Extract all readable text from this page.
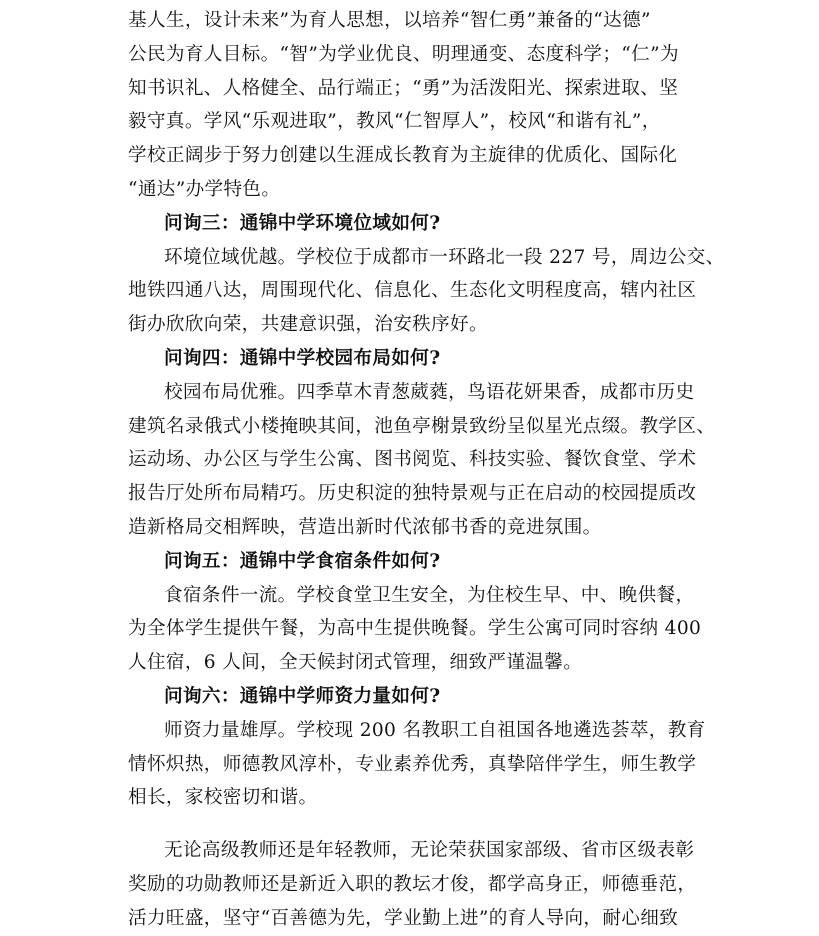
基人生，设计未来”为育人思想，以培养“智仁勇”兼备的“达德”
公民为育人目标。“智”为学业优良、明理通变、态度科学；“仁”为
知书识礼、人格健全、品行端正；“勇”为活泼阳光、探索进取、坚
毅守真。学风“乐观进取”，教风“仁智厚人”，校风“和谐有礼”，
学校正阔步于努力创建以生涯成长教育为主旋律的优质化、国际化
“通达”办学特色。
问询三：通锦中学环境位域如何?
环境位域优越。学校位于成都市一环路北一段 227 号，周边公交、
地铁四通八达，周围现代化、信息化、生态化文明程度高，辖内社区
街办欣欣向荣，共建意识强，治安秩序好。
问询四：通锦中学校园布局如何?
校园布局优雅。四季草木青葱葳蕤，鸟语花妍果香，成都市历史
建筑名录俄式小楼掩映其间，池鱼亭榭景致纷呈似星光点缀。教学区、
运动场、办公区与学生公寓、图书阅览、科技实验、餐饮食堂、学术
报告厅处所布局精巧。历史积淀的独特景观与正在启动的校园提质改
造新格局交相辉映，营造出新时代浓郁书香的竞进氛围。
问询五：通锦中学食宿条件如何?
食宿条件一流。学校食堂卫生安全，为住校生早、中、晚供餐，
为全体学生提供午餐，为高中生提供晚餐。学生公寓可同时容纳 400
人住宿，6 人间，全天候封闭式管理，细致严谨温馨。
问询六：通锦中学师资力量如何?
师资力量雄厚。学校现 200 名教职工自祖国各地遴选荟萃，教育
情怀炽热，师德教风淳朴，专业素养优秀，真挚陪伴学生，师生教学
相长，家校密切和谐。
无论高级教师还是年轻教师，无论荣获国家部级、省市区级表彰
奖励的功勋教师还是新近入职的教坛才俊，都学高身正，师德垂范，
活力旺盛，坚守“百善德为先，学业勤上进”的育人导向，耐心细致
